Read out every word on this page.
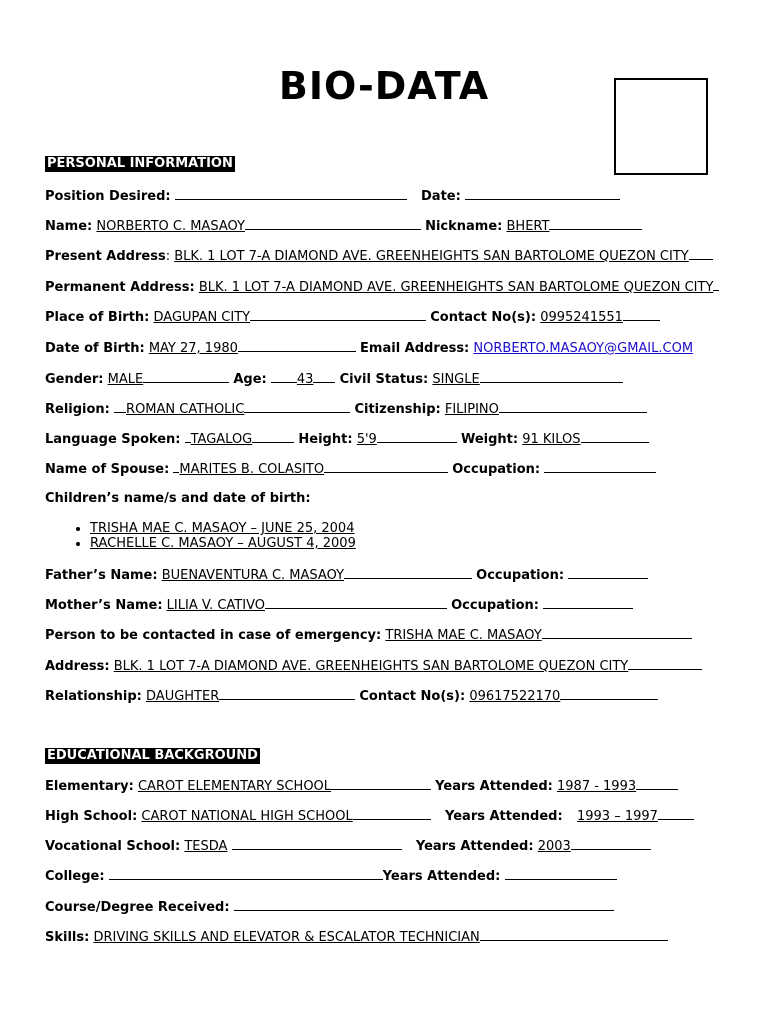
BIO-DATA
PERSONAL INFORMATION
Position Desired:	Date:
Name: NORBERTO C. MASAOY	Nickname: BHERT
Present Address: BLK. 1 LOT 7-A DIAMOND AVE. GREENHEIGHTS SAN BARTOLOME QUEZON CITY
Permanent Address: BLK. 1 LOT 7-A DIAMOND AVE. GREENHEIGHTS SAN BARTOLOME QUEZON CITY
Place of Birth: DAGUPAN CITY	Contact No(s): 0995241551
Date of Birth: MAY 27, 1980	Email Address: NORBERTO.MASAOY@GMAIL.COM
Gender: MALE	Age: 43 Civil Status: SINGLE
Religion: ROMAN CATHOLIC	Citizenship: FILIPINO
Language Spoken: TAGALOG	Height: 5'9	Weight: 91 KILOS
Name of Spouse: MARITES B. COLASITO	Occupation:
Children’s name/s and date of birth:
• TRISHA MAE C. MASAOY – JUNE 25, 2004
• RACHELLE C. MASAOY – AUGUST 4, 2009
Father’s Name: BUENAVENTURA C. MASAOY	Occupation:
Mother’s Name: LILIA V. CATIVO	Occupation:
Person to be contacted in case of emergency: TRISHA MAE C. MASAOY
Address: BLK. 1 LOT 7-A DIAMOND AVE. GREENHEIGHTS SAN BARTOLOME QUEZON CITY
Relationship: DAUGHTER	Contact No(s): 09617522170
EDUCATIONAL BACKGROUND
Elementary: CAROT ELEMENTARY SCHOOL	Years Attended: 1987 - 1993
High School: CAROT NATIONAL HIGH SCHOOL	Years Attended: 1993 – 1997
Vocational School: TESDA	Years Attended: 2003
College:	Years Attended:
Course/Degree Received:
Skills: DRIVING SKILLS AND ELEVATOR & ESCALATOR TECHNICIAN
